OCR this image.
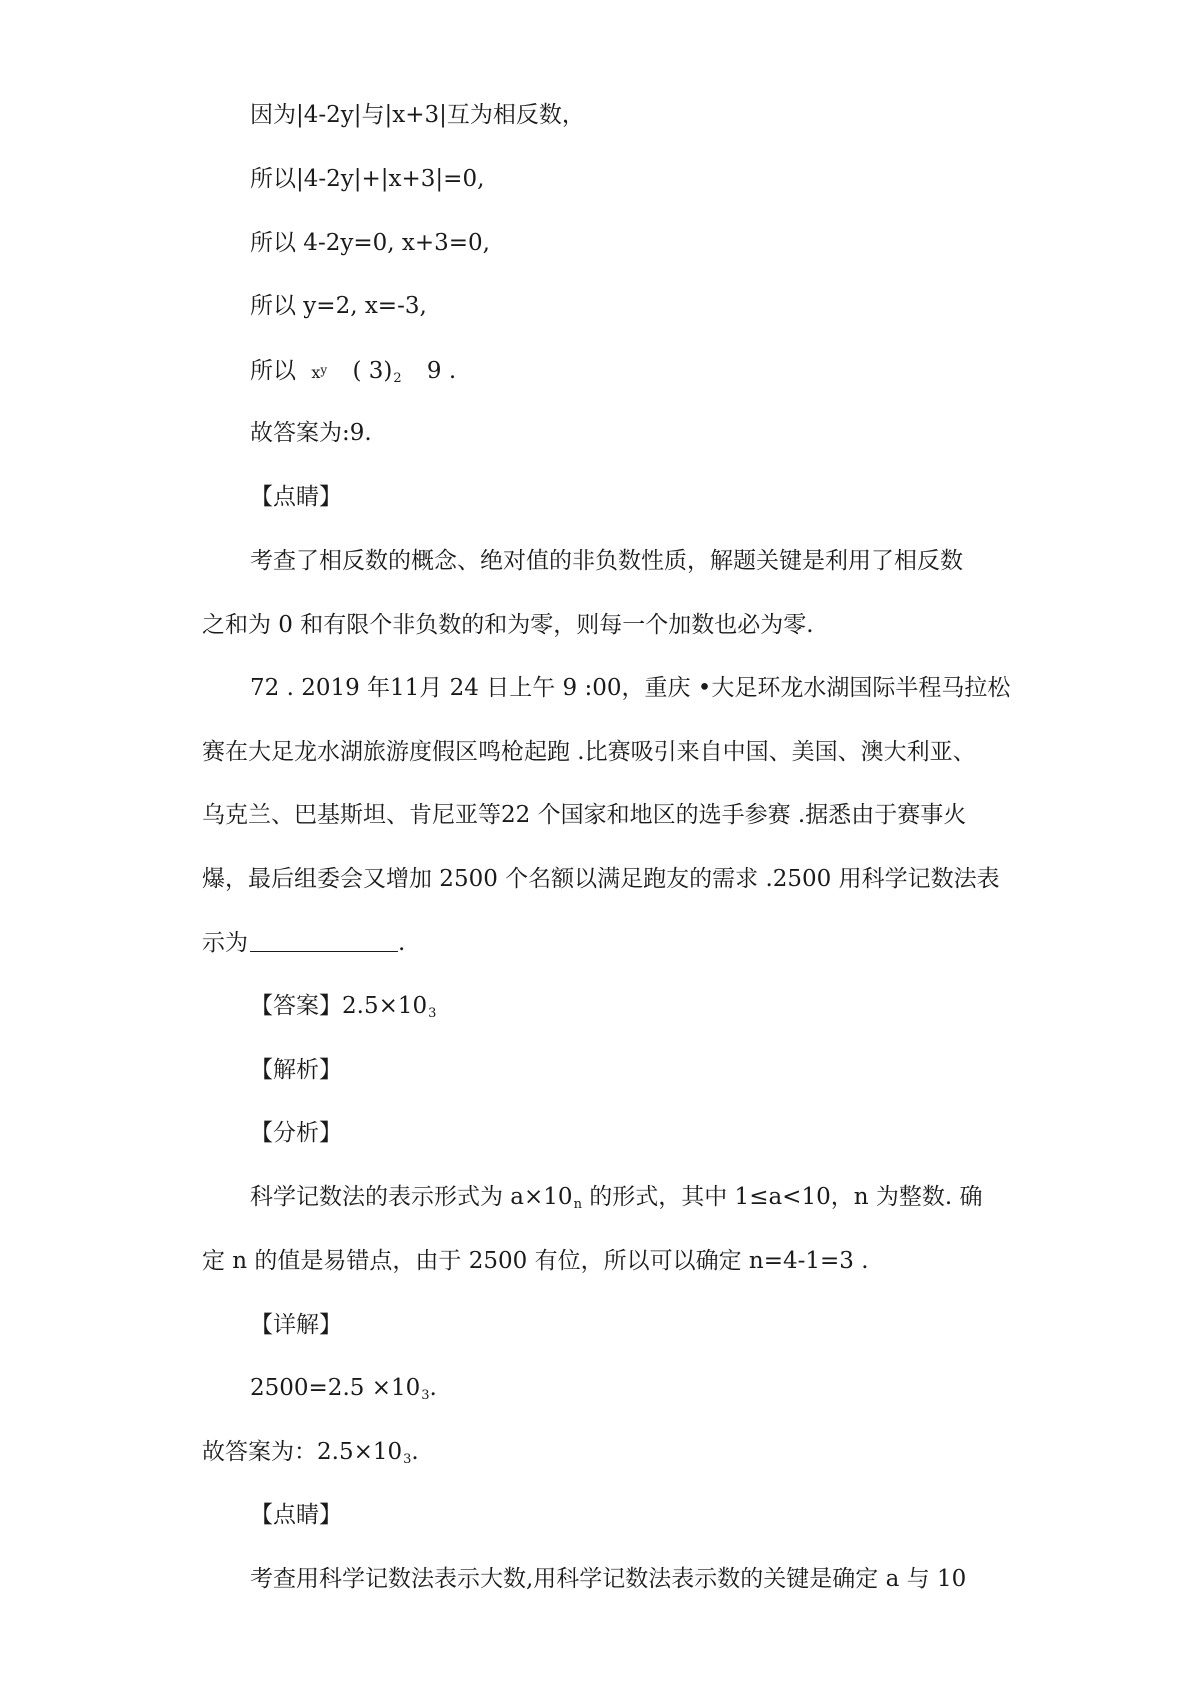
因为|4-2y|与|x+3|互为相反数，
所以|4-2y|+|x+3|=0,
所以 4-2y=0, x+3=0,
所以 y=2, x=-3,
所以 $x^y$ ( $3)_2$ 9 .
故答案为:9.
【点睛】
考查了相反数的概念、绝对值的非负数性质，解题关键是利用了相反数
之和为 0 和有限个非负数的和为零，则每一个加数也必为零.
72 . 2019 年11月 24 日上午 9 :00，重庆 •大足环龙水湖国际半程马拉松
赛在大足龙水湖旅游度假区鸣枪起跑 .比赛吸引来自中国、美国、澳大利亚、
乌克兰、巴基斯坦、肯尼亚等22 个国家和地区的选手参赛 .据悉由于赛事火
爆，最后组委会又增加 2500 个名额以满足跑友的需求 .2500 用科学记数法表
示为	.
【答案】$2.5\times 10_3$
【解析】
【分析】
科学记数法的表示形式为 $a\times 10_n$ 的形式，其中 1≤a<10，n 为整数. 确
定 n 的值是易错点，由于 2500 有位，所以可以确定 n=4-1=3 .
【详解】
$2500=2.5 \times 10_3$.
故答案为：$2.5\times 10_3$.
【点睛】
考查用科学记数法表示大数,用科学记数法表示数的关键是确定 a 与 10
